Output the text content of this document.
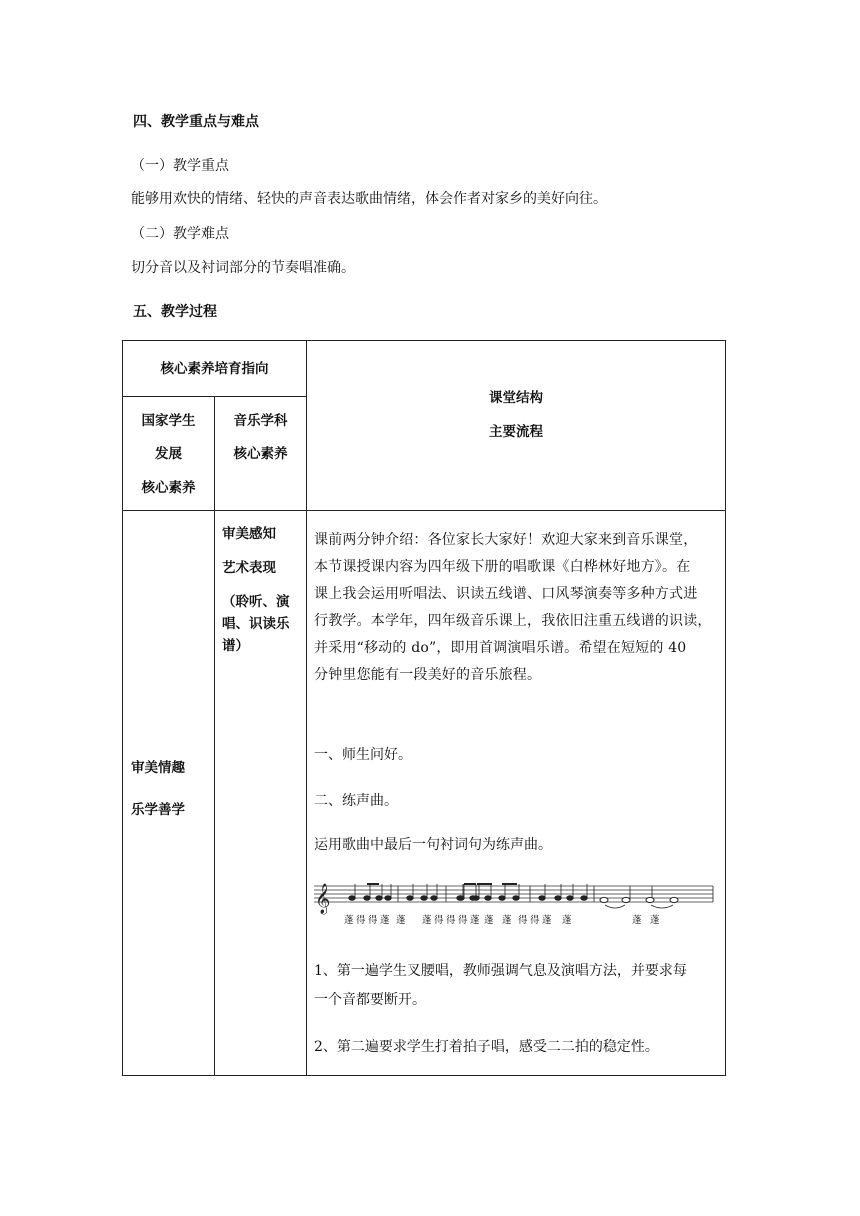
四、教学重点与难点
（一）教学重点
能够用欢快的情绪、轻快的声音表达歌曲情绪，体会作者对家乡的美好向往。
（二）教学难点
切分音以及衬词部分的节奏唱准确。
五、教学过程
核心素养培育指向
课堂结构
主要流程
国家学生
发展
核心素养
音乐学科
核心素养
审美情趣
乐学善学
审美感知
艺术表现
（聆听、演
唱、识读乐
谱）
课前两分钟介绍：各位家长大家好！欢迎大家来到音乐课堂，
本节课授课内容为四年级下册的唱歌课《白桦林好地方》。在
课上我会运用听唱法、识读五线谱、口风琴演奏等多种方式进
行教学。本学年，四年级音乐课上，我依旧注重五线谱的识读，
并采用“移动的 do”，即用首调演唱乐谱。希望在短短的 40
分钟里您能有一段美好的音乐旅程。
一、师生问好。
二、练声曲。
运用歌曲中最后一句衬词句为练声曲。
𝄞
蓬 得 得 蓬 蓬 蓬 得 得 得 蓬 蓬 蓬 得 得 蓬 蓬	蓬 蓬
1、第一遍学生叉腰唱，教师强调气息及演唱方法，并要求每
一个音都要断开。
2、第二遍要求学生打着拍子唱，感受二二拍的稳定性。
